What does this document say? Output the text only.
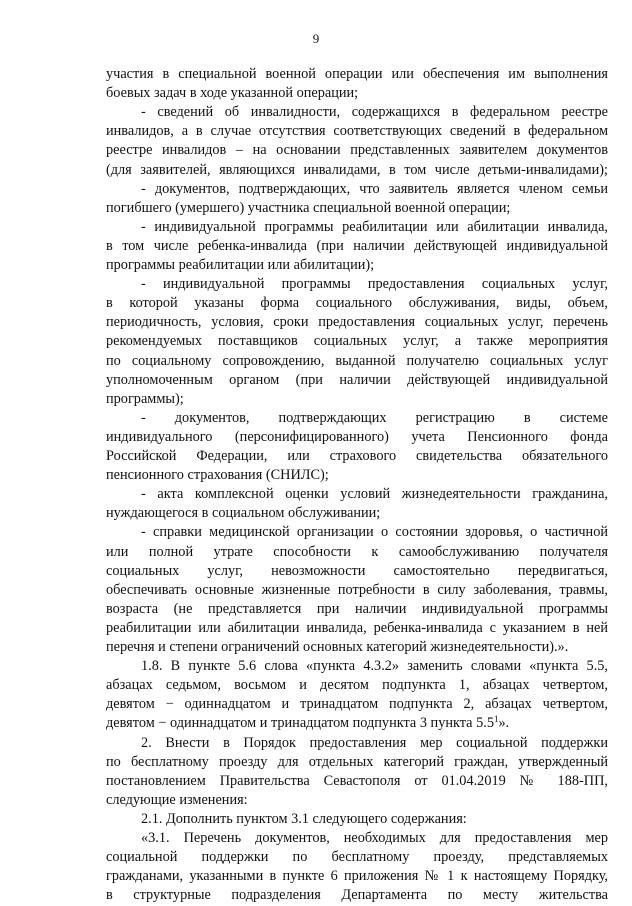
9
участия в специальной военной операции или обеспечения им выполнения
боевых задач в ходе указанной операции;
- сведений об инвалидности, содержащихся в федеральном реестре
инвалидов, а в случае отсутствия соответствующих сведений в федеральном
реестре инвалидов – на основании представленных заявителем документов
(для заявителей, являющихся инвалидами, в том числе детьми-инвалидами);
- документов, подтверждающих, что заявитель является членом семьи
погибшего (умершего) участника специальной военной операции;
- индивидуальной программы реабилитации или абилитации инвалида,
в том числе ребенка-инвалида (при наличии действующей индивидуальной
программы реабилитации или абилитации);
- индивидуальной программы предоставления социальных услуг,
в которой указаны форма социального обслуживания, виды, объем,
периодичность, условия, сроки предоставления социальных услуг, перечень
рекомендуемых поставщиков социальных услуг, а также мероприятия
по социальному сопровождению, выданной получателю социальных услуг
уполномоченным органом (при наличии действующей индивидуальной
программы);
- документов, подтверждающих регистрацию в системе
индивидуального (персонифицированного) учета Пенсионного фонда
Российской Федерации, или страхового свидетельства обязательного
пенсионного страхования (СНИЛС);
- акта комплексной оценки условий жизнедеятельности гражданина,
нуждающегося в социальном обслуживании;
- справки медицинской организации о состоянии здоровья, о частичной
или полной утрате способности к самообслуживанию получателя
социальных услуг, невозможности самостоятельно передвигаться,
обеспечивать основные жизненные потребности в силу заболевания, травмы,
возраста (не представляется при наличии индивидуальной программы
реабилитации или абилитации инвалида, ребенка-инвалида с указанием в ней
перечня и степени ограничений основных категорий жизнедеятельности).».
1.8. В пункте 5.6 слова «пункта 4.3.2» заменить словами «пункта 5.5,
абзацах седьмом, восьмом и десятом подпункта 1, абзацах четвертом,
девятом − одиннадцатом и тринадцатом подпункта 2, абзацах четвертом,
девятом − одиннадцатом и тринадцатом подпункта 3 пункта $5.5^1$».
2. Внести в Порядок предоставления мер социальной поддержки
по бесплатному проезду для отдельных категорий граждан, утвержденный
постановлением Правительства Севастополя от 01.04.2019 № 188-ПП,
следующие изменения:
2.1. Дополнить пунктом 3.1 следующего содержания:
«3.1. Перечень документов, необходимых для предоставления мер
социальной поддержки по бесплатному проезду, представляемых
гражданами, указанными в пункте 6 приложения № 1 к настоящему Порядку,
в структурные подразделения Департамента по месту жительства
